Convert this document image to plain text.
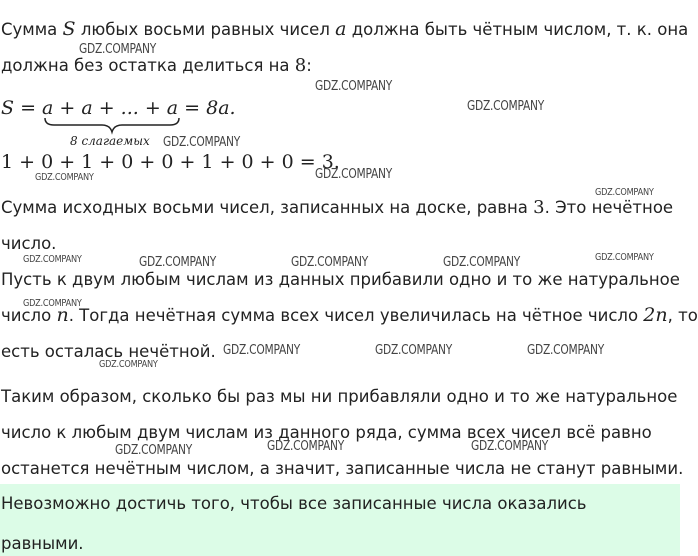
Сумма S любых восьми равных чисел a должна быть чётным числом, т. к. она
должна без остатка делиться на 8:
S = a + a + ... + a = 8a.
8 слагаемых
1 + 0 + 1 + 0 + 0 + 1 + 0 + 0 = 3.
Сумма исходных восьми чисел, записанных на доске, равна 3. Это нечётное
число.
Пусть к двум любым числам из данных прибавили одно и то же натуральное
число n. Тогда нечётная сумма всех чисел увеличилась на чётное число 2n, то
есть осталась нечётной.
Таким образом, сколько бы раз мы ни прибавляли одно и то же натуральное
число к любым двум числам из данного ряда, сумма всех чисел всё равно
останется нечётным числом, а значит, записанные числа не станут равными.
Невозможно достичь того, чтобы все записанные числа оказались
равными.
GDZ.COMPANY
GDZ.COMPANY
GDZ.COMPANY
GDZ.COMPANY
GDZ.COMPANY
GDZ.COMPANY
GDZ.COMPANY
GDZ.COMPANY	GDZ.COMPANY	GDZ.COMPANY	GDZ.COMPANY	GDZ.COMPANY
GDZ.COMPANY
GDZ.COMPANY	GDZ.COMPANY	GDZ.COMPANY
GDZ.COMPANY
GDZ.COMPANY	GDZ.COMPANY	GDZ.COMPANY
